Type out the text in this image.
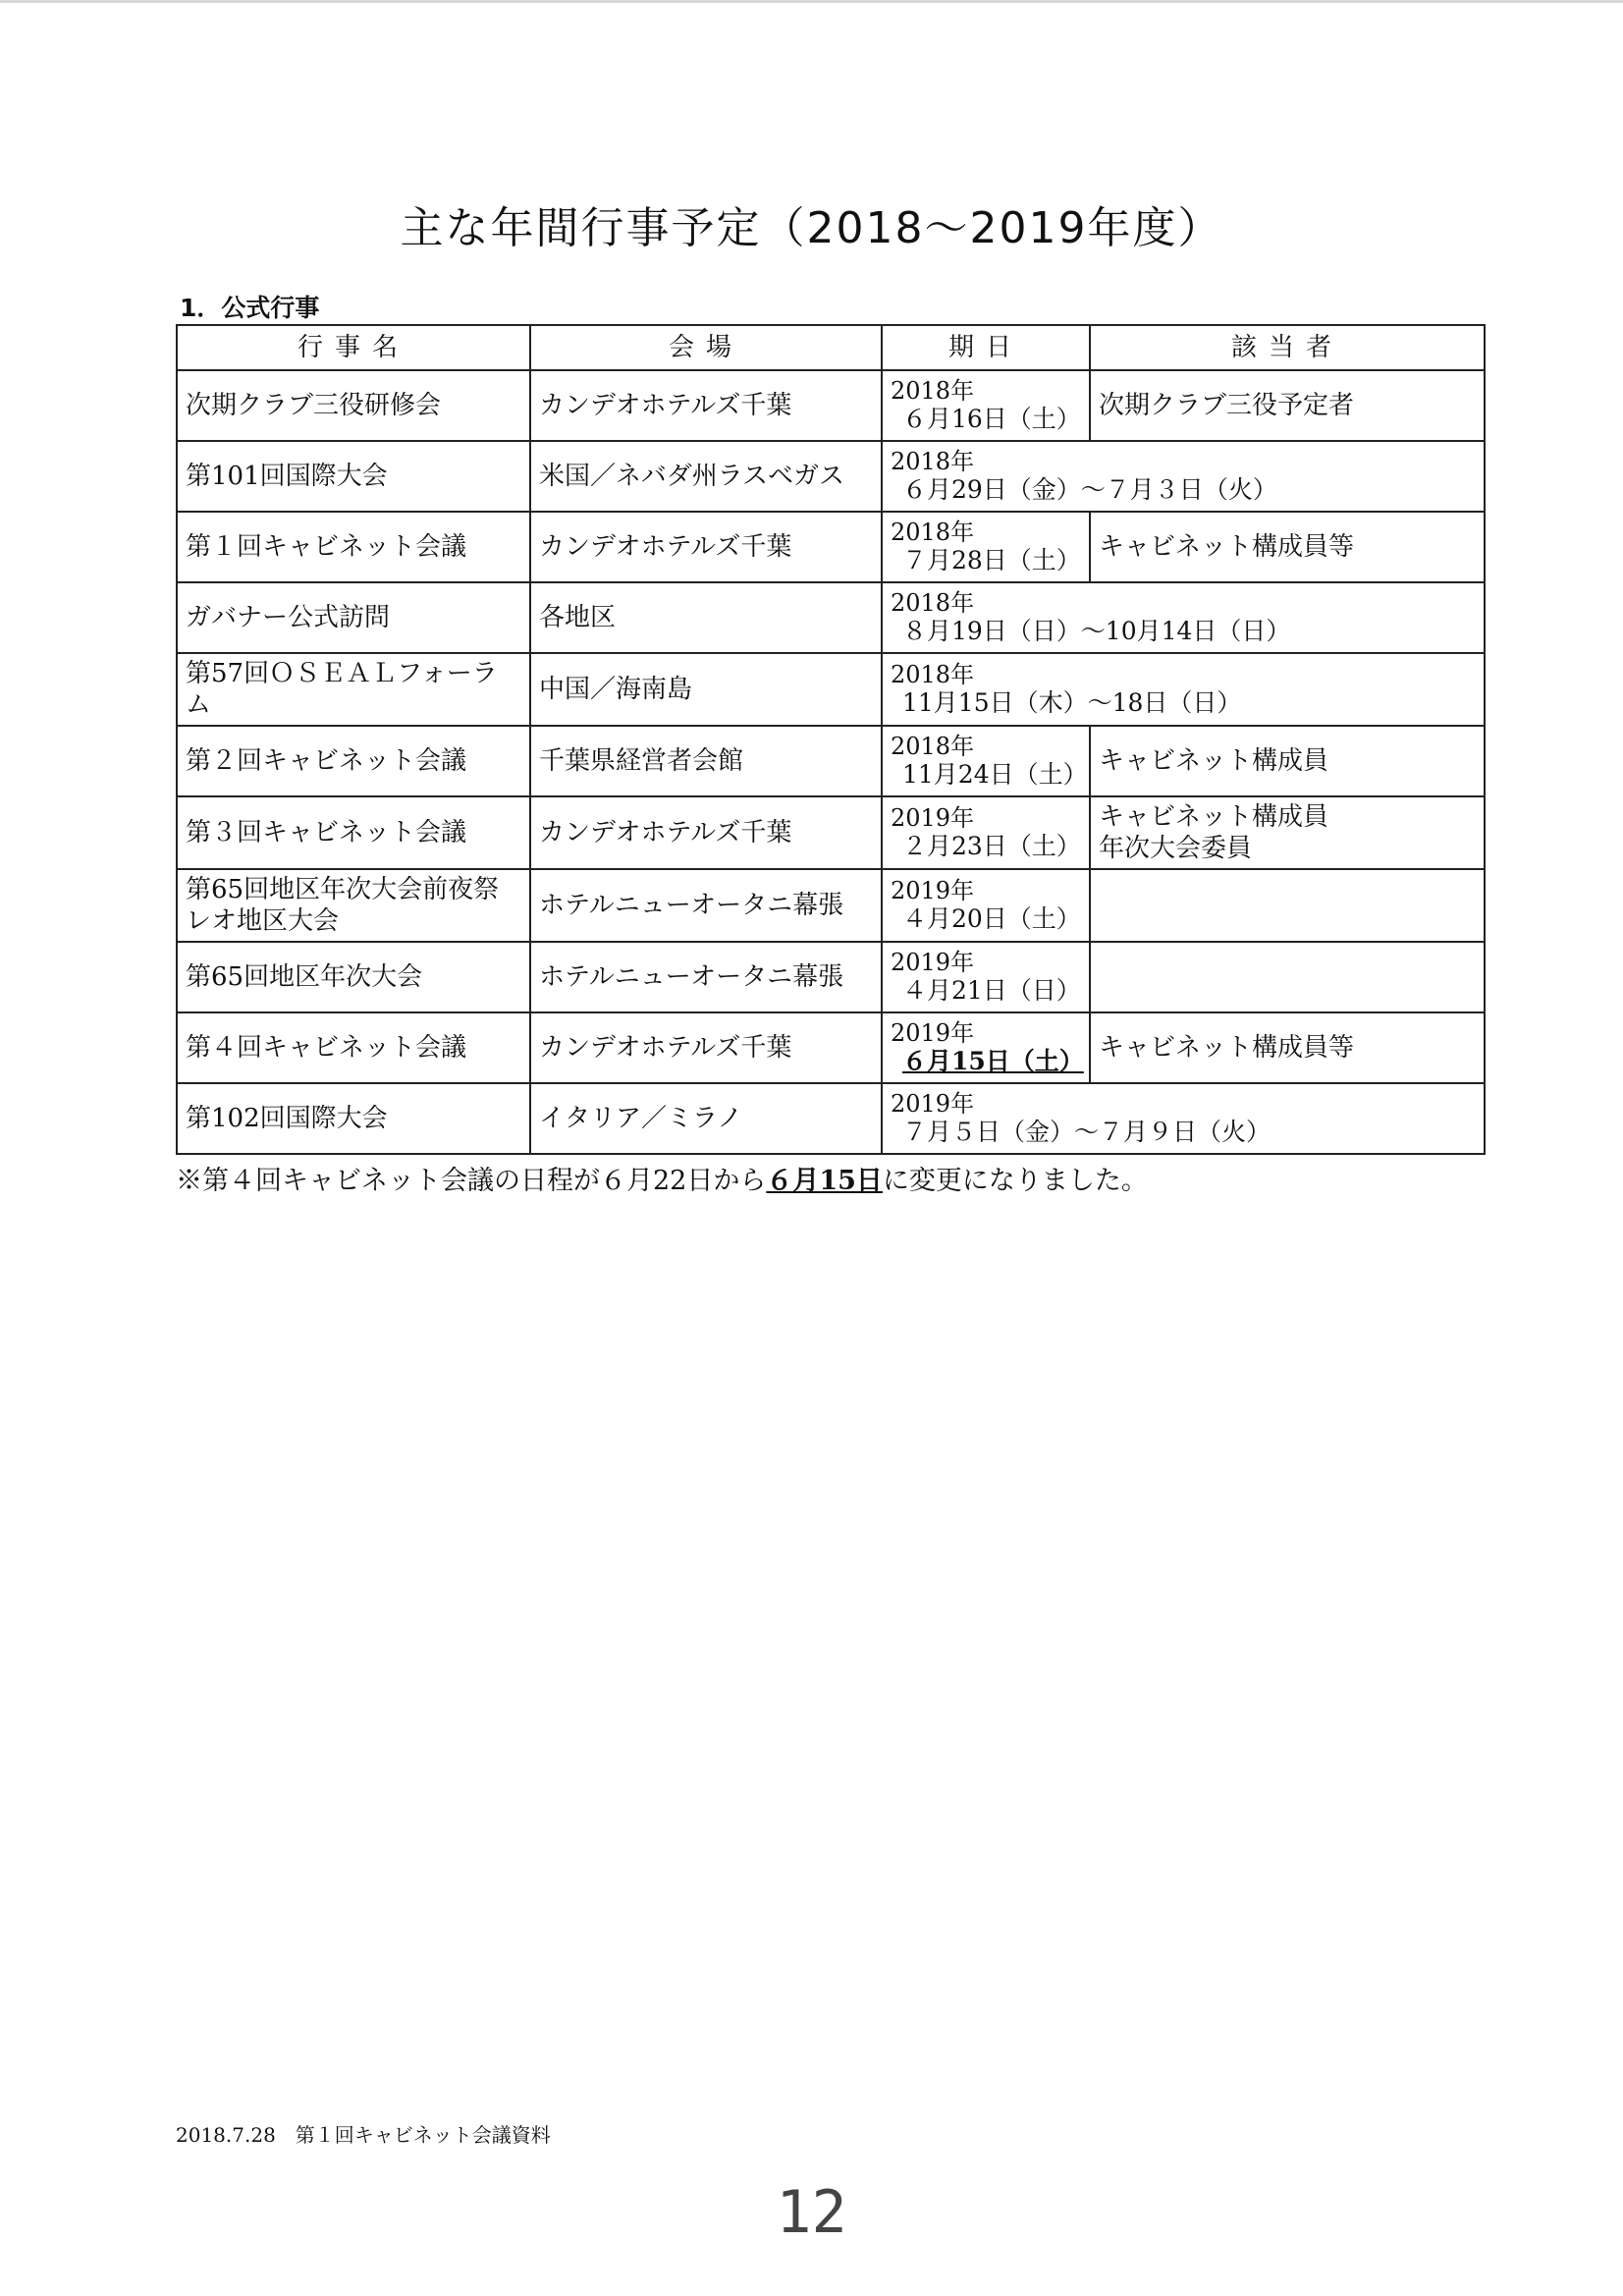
主な年間行事予定（2018～2019年度）
1．公式行事
行事名	会場	期日	該当者
次期クラブ三役研修会	カンデオホテルズ千葉	2018年
６月16日（土）	次期クラブ三役予定者
第101回国際大会	米国／ネバダ州ラスベガス	2018年
６月29日（金）～７月３日（火）	

第１回キャビネット会議	カンデオホテルズ千葉	2018年
７月28日（土）	キャビネット構成員等
ガバナー公式訪問	各地区	2018年
８月19日（日）～10月14日（日）	

第57回ＯＳＥＡＬフォーラム	中国／海南島	2018年
11月15日（木）～18日（日）	

第２回キャビネット会議	千葉県経営者会館	2018年
11月24日（土）	キャビネット構成員
第３回キャビネット会議	カンデオホテルズ千葉	2019年
２月23日（土）	キャビネット構成員
年次大会委員

第65回地区年次大会前夜祭
レオ地区大会	ホテルニューオータニ幕張	2019年
４月20日（土）	

第65回地区年次大会	ホテルニューオータニ幕張	2019年
４月21日（日）	

第４回キャビネット会議	カンデオホテルズ千葉	2019年
６月15日（土）	キャビネット構成員等
第102回国際大会	イタリア／ミラノ	2019年
７月５日（金）～７月９日（火）	
※第４回キャビネット会議の日程が６月22日から６月15日に変更になりました。
2018.7.28　第１回キャビネット会議資料
12
